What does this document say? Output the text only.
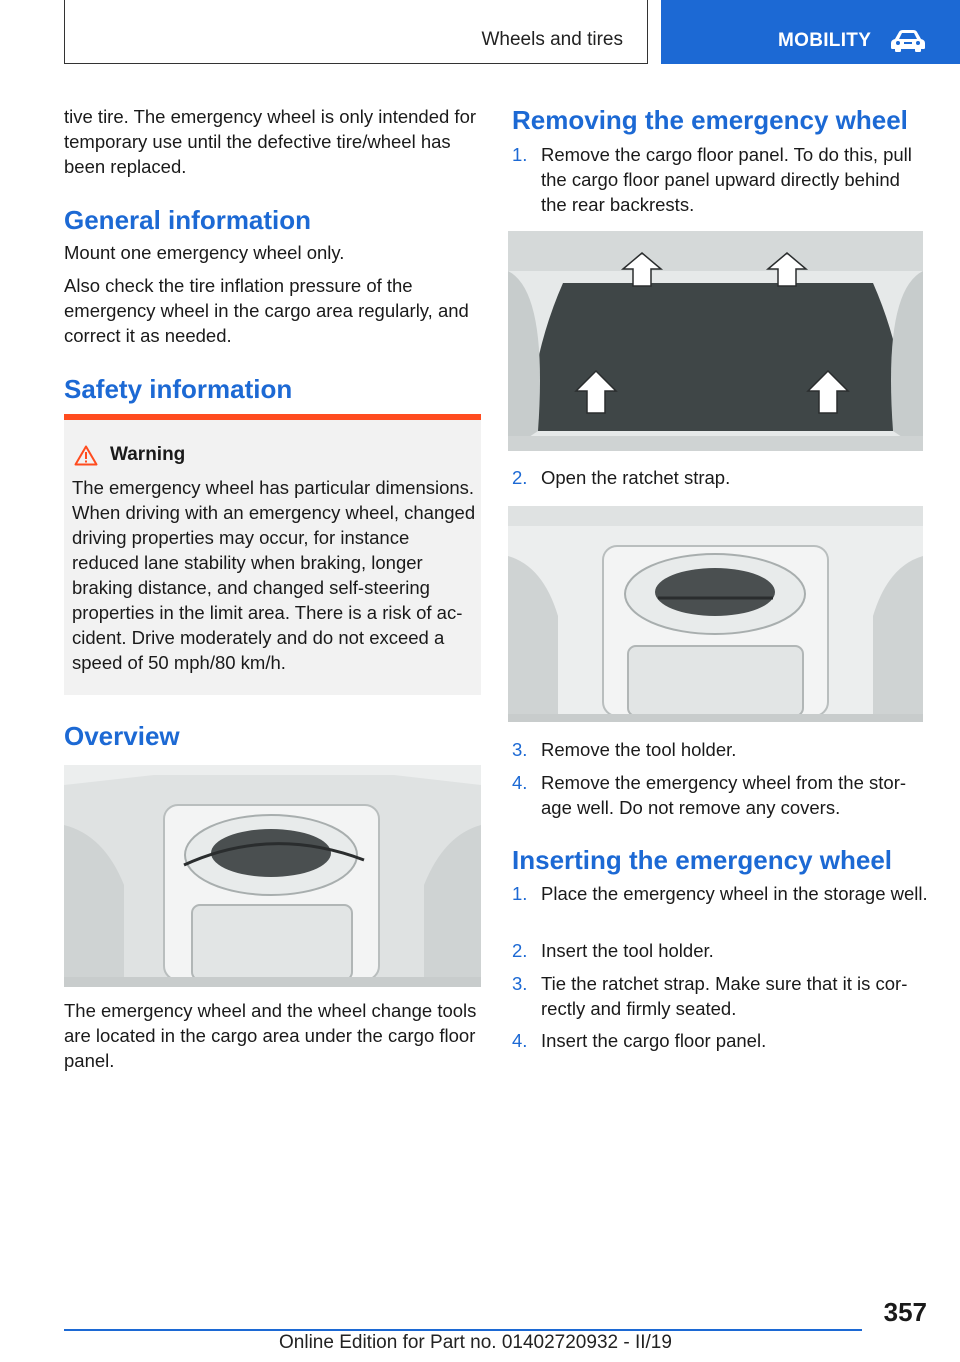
Wheels and tires	MOBILITY

tive tire. The emergency wheel is only intended for temporary use until the defective tire/wheel has been replaced.

General information

Mount one emergency wheel only.

Also check the tire inflation pressure of the emergency wheel in the cargo area regularly, and correct it as needed.

Safety information
Warning
The emergency wheel has particular dimensions. When driving with an emergency wheel, changed driving properties may occur, for instance reduced lane stability when braking, longer braking distance, and changed self-steering properties in the limit area. There is a risk of accident. Drive moderately and do not exceed a speed of 50 mph/80 km/h.
Overview

The emergency wheel and the wheel change tools are located in the cargo area under the cargo floor panel.

Removing the emergency wheel
1. Remove the cargo floor panel. To do this, pull the cargo floor panel upward directly behind the rear backrests.
2. Open the ratchet strap.
3. Remove the tool holder.
4. Remove the emergency wheel from the storage well. Do not remove any covers.
Inserting the emergency wheel
1. Place the emergency wheel in the storage well.
2. Insert the tool holder.
3. Tie the ratchet strap. Make sure that it is correctly and firmly seated.
4. Insert the cargo floor panel.
357
Online Edition for Part no. 01402720932 - II/19
